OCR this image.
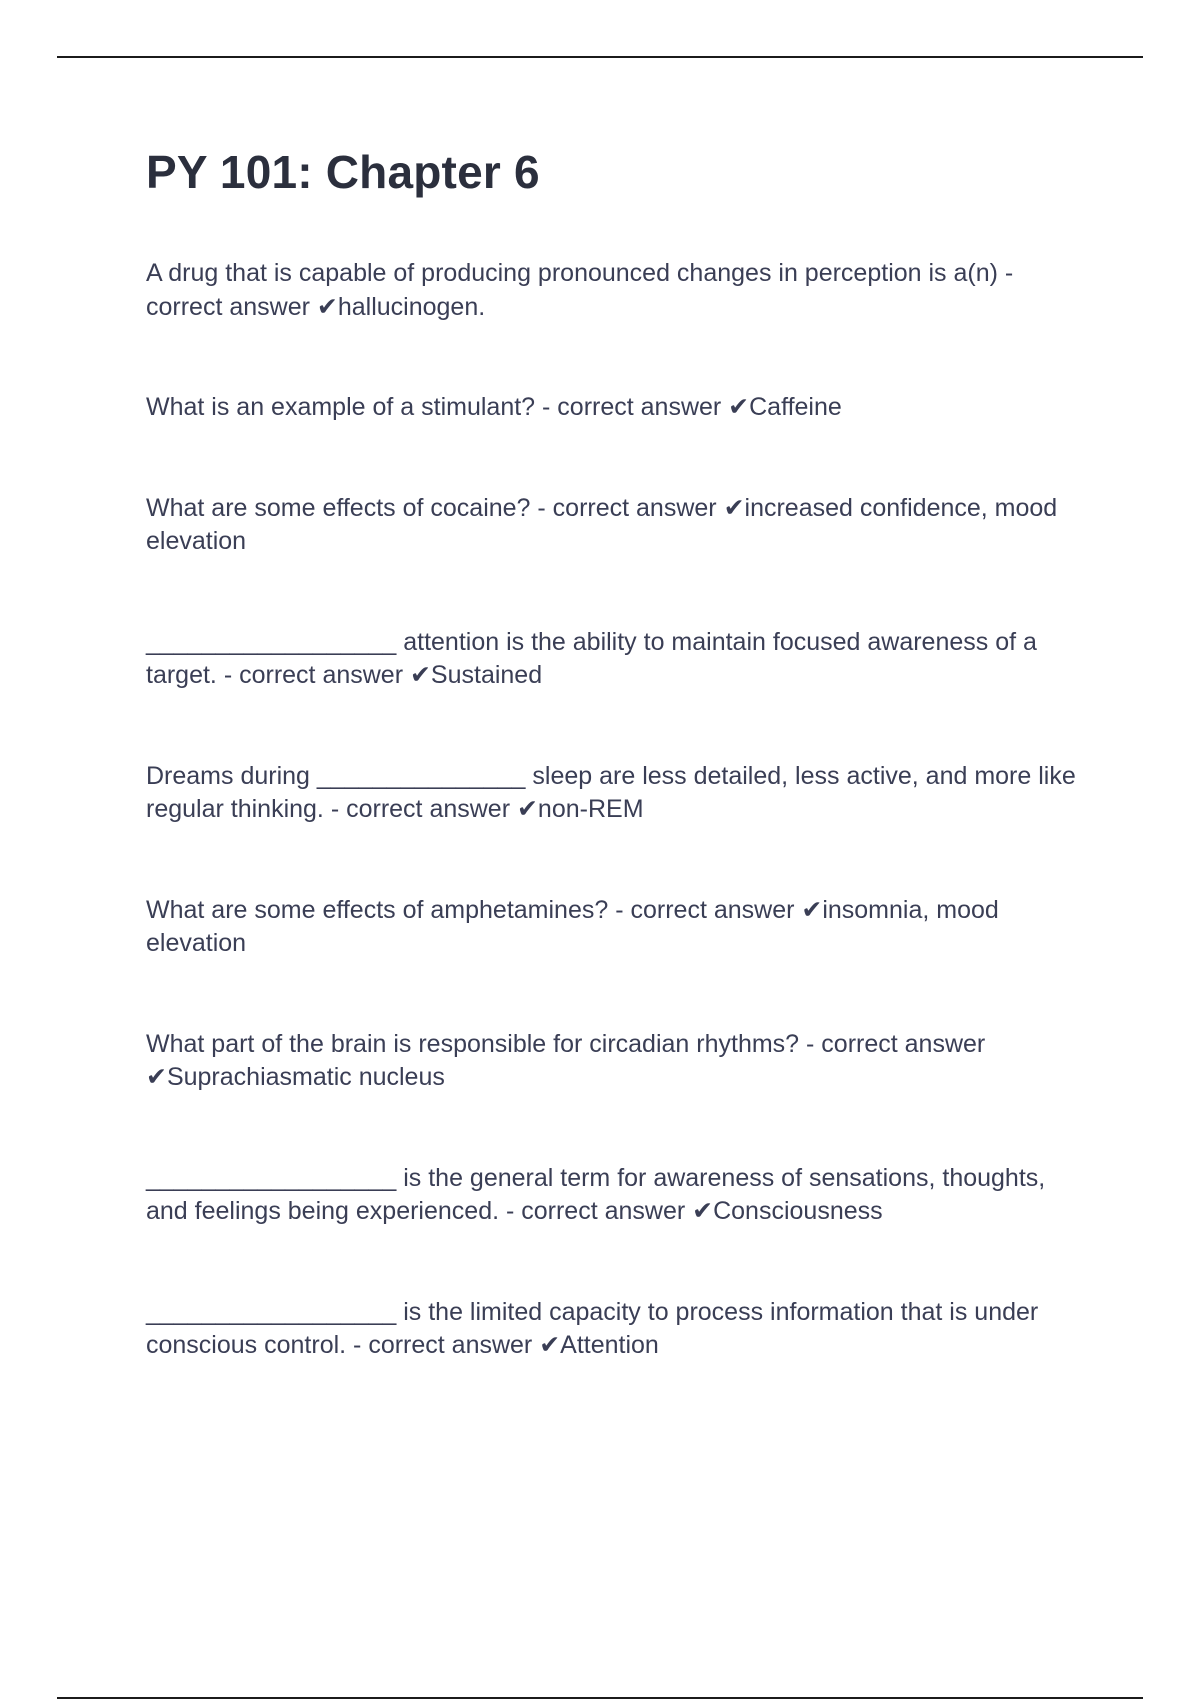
PY 101: Chapter 6

A drug that is capable of producing pronounced changes in perception is a(n) - correct answer ✔hallucinogen.

What is an example of a stimulant? - correct answer ✔Caffeine

What are some effects of cocaine? - correct answer ✔increased confidence, mood elevation

__________________ attention is the ability to maintain focused awareness of a target. - correct answer ✔Sustained

Dreams during _______________ sleep are less detailed, less active, and more like regular thinking. - correct answer ✔non-REM

What are some effects of amphetamines? - correct answer ✔insomnia, mood elevation

What part of the brain is responsible for circadian rhythms? - correct answer ✔Suprachiasmatic nucleus

__________________ is the general term for awareness of sensations, thoughts, and feelings being experienced. - correct answer ✔Consciousness

__________________ is the limited capacity to process information that is under conscious control. - correct answer ✔Attention
